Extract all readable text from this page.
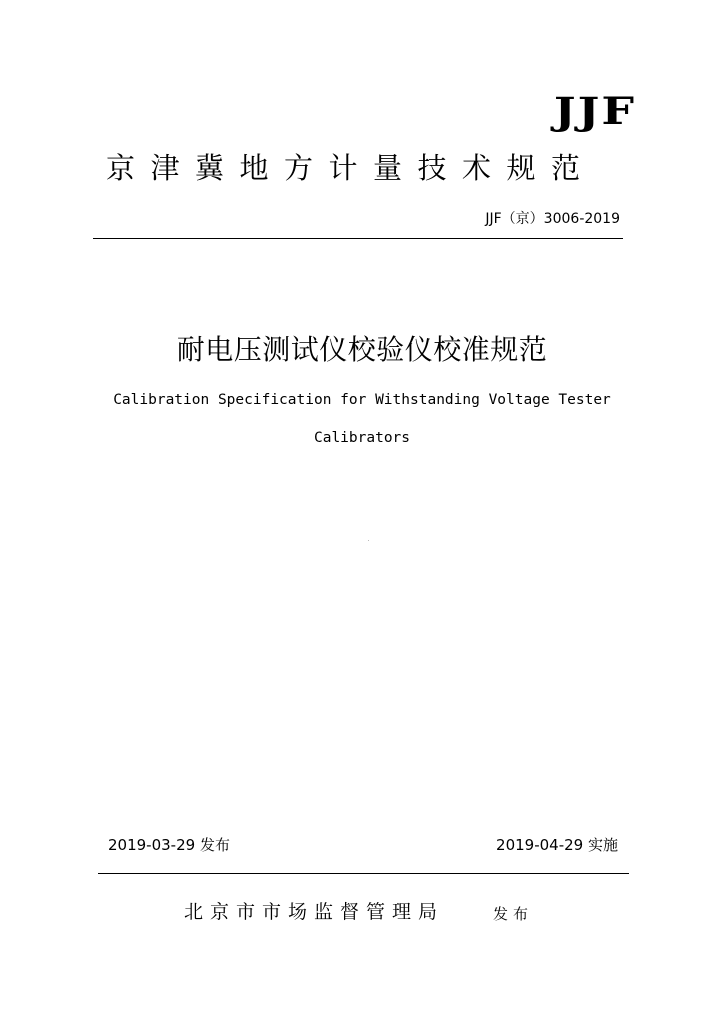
JJF
京津冀地方计量技术规范
JJF（京）3006-2019
耐电压测试仪校验仪校准规范
Calibration Specification for Withstanding Voltage Tester
Calibrators
2019-03-29 发布	2019-04-29 实施
北京市市场监督管理局	发布
